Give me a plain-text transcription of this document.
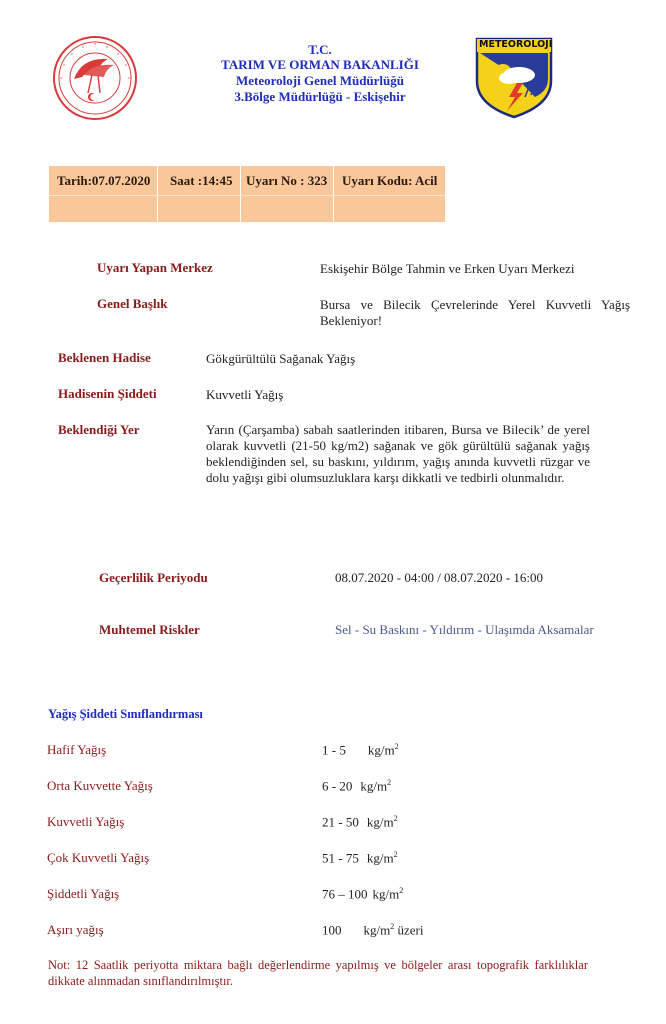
T.C.
TARIM VE ORMAN BAKANLIĞI
Meteoroloji Genel Müdürlüğü
3.Bölge Müdürlüğü - Eskişehir
METEOROLOJİ
Tarih:07.07.2020 Saat :14:45 Uyarı No : 323 Uyarı Kodu: Acil
Uyarı Yapan Merkez	Eskişehir Bölge Tahmin ve Erken Uyarı Merkezi
Genel Başlık	Bursa ve Bilecik Çevrelerinde Yerel Kuvvetli Yağış Bekleniyor!
Beklenen Hadise	Gökgürültülü Sağanak Yağış
Hadisenin Şiddeti	Kuvvetli Yağış
Beklendiği Yer	Yarın (Çarşamba) sabah saatlerinden itibaren, Bursa ve Bilecik’ de yerel olarak kuvvetli (21-50 kg/m2) sağanak ve gök gürültülü sağanak yağış beklendiğinden sel, su baskını, yıldırım, yağış anında kuvvetli rüzgar ve dolu yağışı gibi olumsuzluklara karşı dikkatli ve tedbirli olunmalıdır.
Geçerlilik Periyodu	08.07.2020 - 04:00 / 08.07.2020 - 16:00
Muhtemel Riskler	Sel - Su Baskını - Yıldırım - Ulaşımda Aksamalar
Yağış Şiddeti Sınıflandırması
Hafif Yağış	1 - 5 $kg/m^2$
Orta Kuvvette Yağış	6 - 20 $kg/m^2$
Kuvvetli Yağış	21 - 50 $kg/m^2$
Çok Kuvvetli Yağış	51 - 75 $kg/m^2$
Şiddetli Yağış	76 – 100 $kg/m^2$
Aşırı yağış	100 $kg/m^2$ üzeri
Not: 12 Saatlik periyotta miktara bağlı değerlendirme yapılmış ve bölgeler arası topografik farklılıklar dikkate alınmadan sınıflandırılmıştır.
